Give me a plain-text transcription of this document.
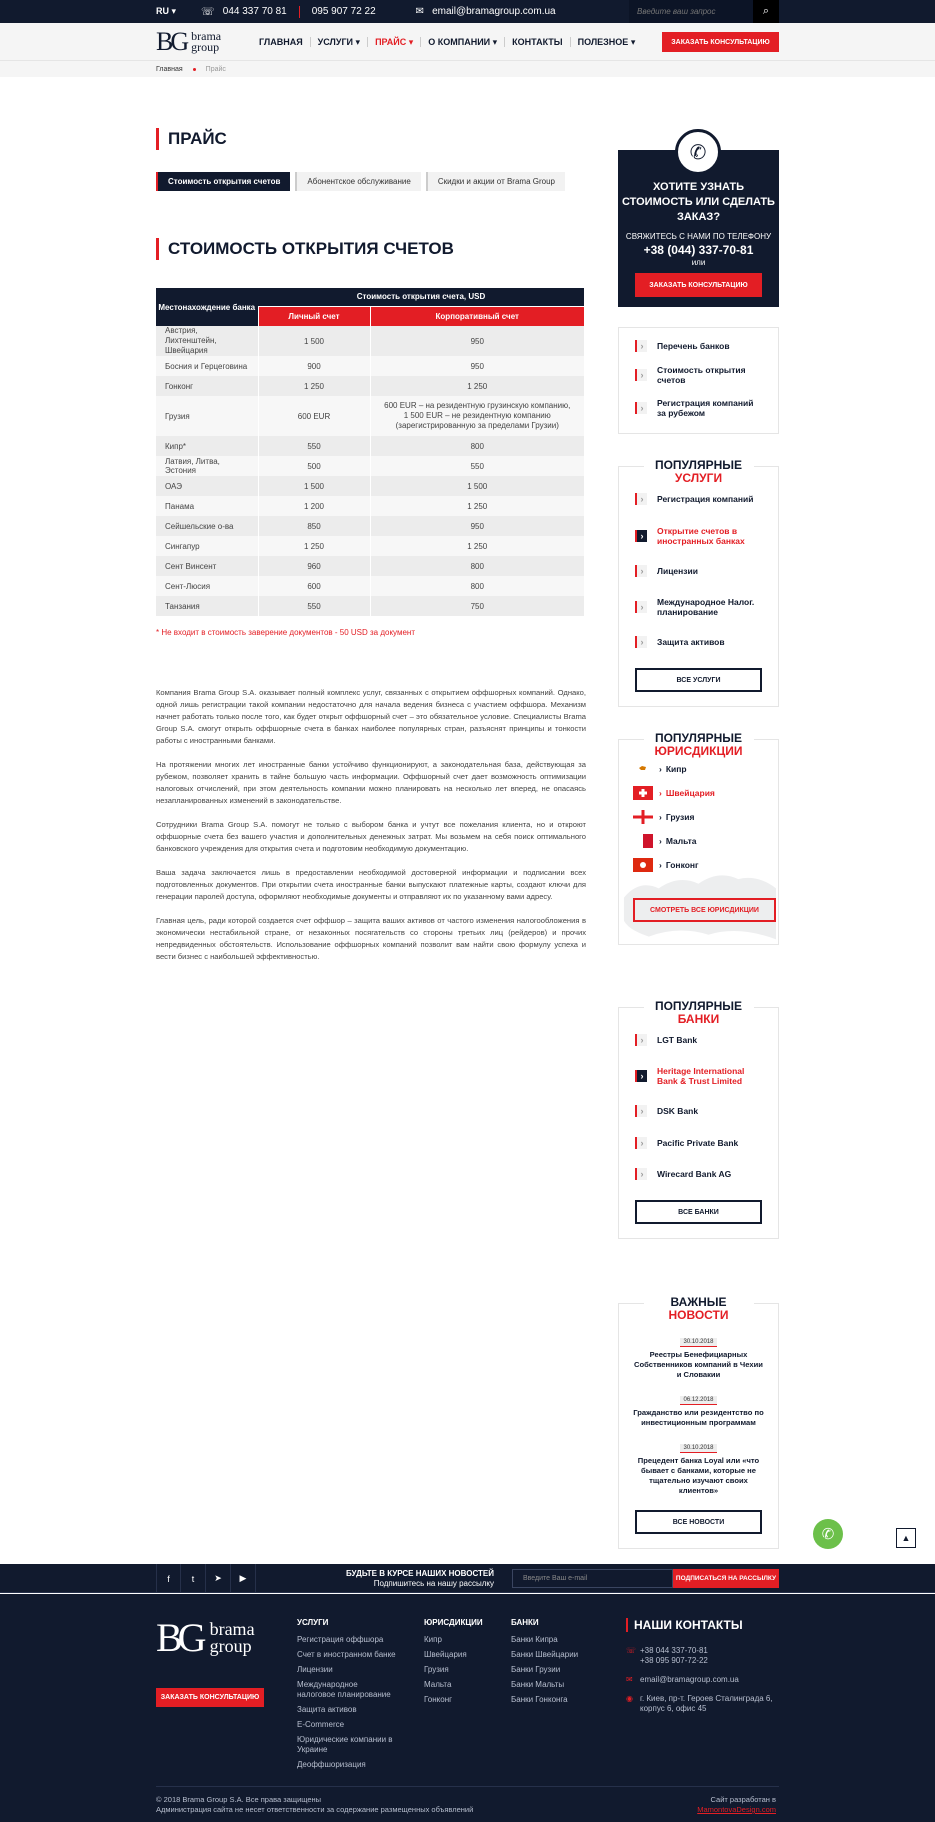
RU ▾	☏ 044 337 70 81	095 907 72 22	✉ email@bramagroup.com.ua
Введите ваш запрос	⌕
BG brama
group	ГЛАВНАЯ	УСЛУГИ ▾	ПРАЙС ▾	О КОМПАНИИ ▾	КОНТАКТЫ	ПОЛЕЗНОЕ ▾	ЗАКАЗАТЬ КОНСУЛЬТАЦИЮ
Главная	Прайс
ПРАЙС
Стоимость открытия счетов	Абонентское обслуживание	Скидки и акции от Brama Group
СТОИМОСТЬ ОТКРЫТИЯ СЧЕТОВ
Местонахождение банка	Стоимость открытия счета, USD	
	Личный счет	Корпоративный счет
Австрия, Лихтенштейн, Швейцария	1 500	950
Босния и Герцеговина	900	950
Гонконг	1 250	1 250
Грузия	600 EUR	600 EUR – на резидентную грузинскую компанию, 1 500 EUR – не резидентную компанию (зарегистрированную за пределами Грузии)
Кипр*	550	800
Латвия, Литва, Эстония	500	550
ОАЭ	1 500	1 500
Панама	1 200	1 250
Сейшельские о-ва	850	950
Сингапур	1 250	1 250
Сент Винсент	960	800
Сент-Люсия	600	800
Танзания	550	750
* Не входит в стоимость заверение документов - 50 USD за документ

Компания Brama Group S.A. оказывает полный комплекс услуг, связанных с открытием оффшорных компаний. Однако, одной лишь регистрации такой компании недостаточно для начала ведения бизнеса с участием оффшора. Механизм начнет работать только после того, как будет открыт оффшорный счет – это обязательное условие. Специалисты Brama Group S.A. смогут открыть оффшорные счета в банках наиболее популярных стран, разъяснят принципы и тонкости работы с иностранными банками.

На протяжении многих лет иностранные банки устойчиво функционируют, а законодательная база, действующая за рубежом, позволяет хранить в тайне большую часть информации. Оффшорный счет дает возможность оптимизации налоговых отчислений, при этом деятельность компании можно планировать на несколько лет вперед, не опасаясь незапланированных изменений в законодательстве.

Сотрудники Brama Group S.A. помогут не только с выбором банка и учтут все пожелания клиента, но и откроют оффшорные счета без вашего участия и дополнительных денежных затрат. Мы возьмем на себя поиск оптимального банковского учреждения для открытия счета и подготовим необходимую документацию.

Ваша задача заключается лишь в предоставлении необходимой достоверной информации и подписании всех подготовленных документов. При открытии счета иностранные банки выпускают платежные карты, создают ключи для генерации паролей доступа, оформляют необходимые документы и отправляют их по указанному вами адресу.

Главная цель, ради которой создается счет оффшор – защита ваших активов от частого изменения налогообложения в экономически нестабильной стране, от незаконных посягательств со стороны третьих лиц (рейдеров) и прочих непредвиденных обстоятельств. Использование оффшорных компаний позволит вам найти свою формулу успеха и вести бизнес с наибольшей эффективностью.

✆
ХОТИТЕ УЗНАТЬ СТОИМОСТЬ ИЛИ СДЕЛАТЬ ЗАКАЗ?
СВЯЖИТЕСЬ С НАМИ ПО ТЕЛЕФОНУ
+38 (044) 337-70-81
или
ЗАКАЗАТЬ КОНСУЛЬТАЦИЮ
›	Перечень банков
›	Стоимость открытия счетов
›	Регистрация компаний за рубежом
ПОПУЛЯРНЫЕ
УСЛУГИ
›	Регистрация компаний
›	Открытие счетов в иностранных банках
›	Лицензии
›	Международное Налог. планирование
›	Защита активов
ВСЕ УСЛУГИ
ПОПУЛЯРНЫЕ
ЮРИСДИКЦИИ
› Кипр
› Швейцария
› Грузия
› Мальта
› Гонконг
СМОТРЕТЬ ВСЕ ЮРИСДИКЦИИ
ПОПУЛЯРНЫЕ
БАНКИ
›	LGT Bank
›	Heritage International Bank & Trust Limited
›	DSK Bank
›	Pacific Private Bank
›	Wirecard Bank AG
ВСЕ БАНКИ
ВАЖНЫЕ
НОВОСТИ
30.10.2018
Реестры Бенефициарных Собственников компаний в Чехии и Словакии
06.12.2018
Гражданство или резидентство по инвестиционным программам
30.10.2018
Прецедент банка Loyal или «что бывает с банками, которые не тщательно изучают своих клиентов»
ВСЕ НОВОСТИ
✆	▲
f	t	➤	▶	БУДЬТЕ В КУРСЕ НАШИХ НОВОСТЕЙ
Подпишитесь на нашу рассылку	Введите Ваш e-mail	ПОДПИСАТЬСЯ НА РАССЫЛКУ
BG brama
group
ЗАКАЗАТЬ КОНСУЛЬТАЦИЮ
УСЛУГИ
Регистрация оффшора
Счет в иностранном банке
Лицензии
Международное налоговое планирование
Защита активов
E-Commerce
Юридические компании в Украине
Деоффшоризация
ЮРИСДИКЦИИ
Кипр
Швейцария
Грузия
Мальта
Гонконг
БАНКИ
Банки Кипра
Банки Швейцарии
Банки Грузии
Банки Мальты
Банки Гонконга
НАШИ КОНТАКТЫ
☏ +38 044 337-70-81
+38 095 907-72-22
✉ email@bramagroup.com.ua
◉ г. Киев, пр-т. Героев Сталинграда 6, корпус 6, офис 45
© 2018 Brama Group S.A. Все права защищены
Администрация сайта не несет ответственности за содержание размещенных объявлений
Сайт разработан в
MamontovaDesign.com
